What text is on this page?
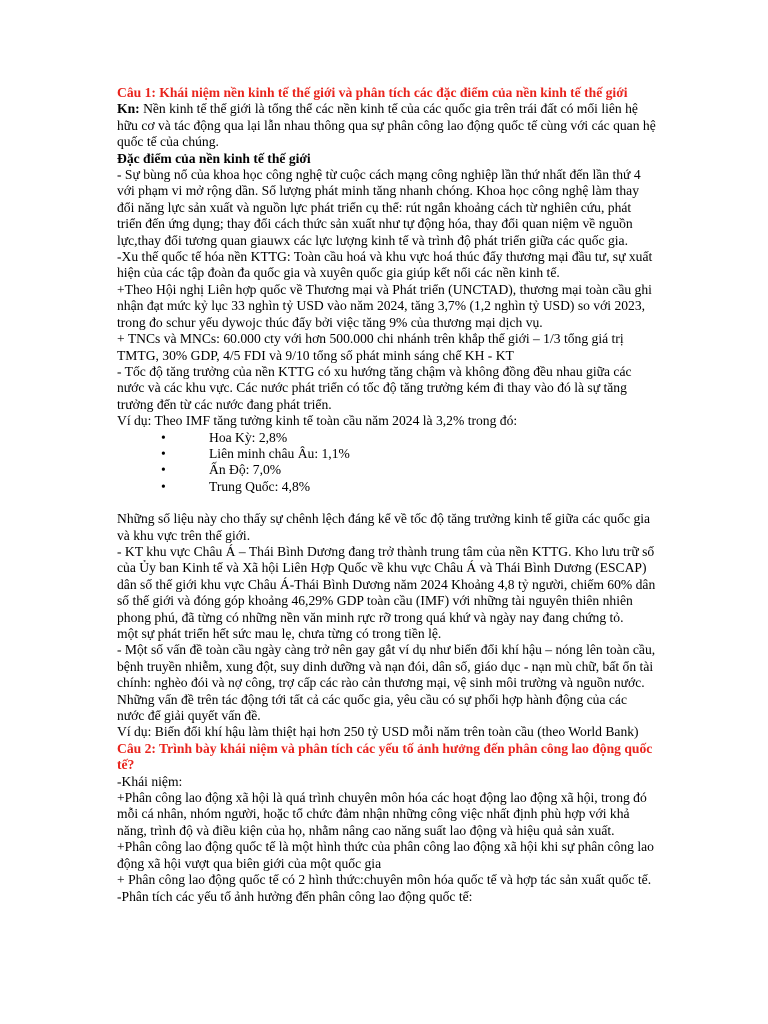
Câu 1: Khái niệm nền kinh tế thế giới và phân tích các đặc điểm của nền kinh tế thế giới

Kn: Nền kinh tế thế giới là tổng thể các nền kinh tế của các quốc gia trên trái đất có mối liên hệ hữu cơ và tác động qua lại lẫn nhau thông qua sự phân công lao động quốc tế cùng với các quan hệ quốc tế của chúng.

Đặc điểm của nền kinh tế thế giới

- Sự bùng nổ của khoa học công nghệ từ cuộc cách mạng công nghiệp lần thứ nhất đến lần thứ 4 với phạm vi mở rộng dần. Số lượng phát minh tăng nhanh chóng. Khoa học công nghệ làm thay đổi năng lực sản xuất và nguồn lực phát triển cụ thể: rút ngắn khoảng cách từ nghiên cứu, phát triển đến ứng dụng; thay đổi cách thức sản xuất như tự động hóa, thay đổi quan niệm về nguồn lực,thay đổi tương quan giauwx các lực lượng kinh tế và trình độ phát triển giữa các quốc gia.

-Xu thế quốc tế hóa nền KTTG: Toàn cầu hoá và khu vực hoá thúc đẩy thương mại đầu tư, sự xuất hiện của các tập đoàn đa quốc gia và xuyên quốc gia giúp kết nối các nền kinh tế.

+Theo Hội nghị Liên hợp quốc về Thương mại và Phát triển (UNCTAD), thương mại toàn cầu ghi nhận đạt mức kỷ lục 33 nghìn tỷ USD vào năm 2024, tăng 3,7% (1,2 nghìn tỷ USD) so với 2023, trong đo schur yếu dywojc thúc đẩy bởi việc tăng 9% của thương mại dịch vụ.

+ TNCs và MNCs: 60.000 cty với hơn 500.000 chi nhánh trên khắp thế giới – 1/3 tổng giá trị TMTG, 30% GDP, 4/5 FDI và 9/10 tổng số phát minh sáng chế KH - KT

- Tốc độ tăng trưởng của nền KTTG có xu hướng tăng chậm và không đồng đều nhau giữa các nước và các khu vực. Các nước phát triển có tốc độ tăng trưởng kém đi thay vào đó là sự tăng trưởng đến từ các nước đang phát triển.

Ví dụ: Theo IMF tăng tưởng kinh tế toàn cầu năm 2024 là 3,2% trong đó:

•	Hoa Kỳ: 2,8%
•	Liên minh châu Âu: 1,1%
•	Ấn Độ: 7,0%
•	Trung Quốc: 4,8%

Những số liệu này cho thấy sự chênh lệch đáng kể về tốc độ tăng trưởng kinh tế giữa các quốc gia và khu vực trên thế giới.

- KT khu vực Châu Á – Thái Bình Dương đang trở thành trung tâm của nền KTTG. Kho lưu trữ số của Ủy ban Kinh tế và Xã hội Liên Hợp Quốc về khu vực Châu Á và Thái Bình Dương (ESCAP) dân số thế giới khu vực Châu Á-Thái Bình Dương năm 2024 Khoảng 4,8 tỷ người, chiếm 60% dân số thế giới và đóng góp khoảng 46,29% GDP toàn cầu (IMF) với những tài nguyên thiên nhiên phong phú, đã từng có những nền văn minh rực rỡ trong quá khứ và ngày nay đang chứng tỏ.

một sự phát triển hết sức mau lẹ, chưa từng có trong tiền lệ.

- Một số vấn đề toàn cầu ngày càng trở nên gay gắt ví dụ như biến đổi khí hậu – nóng lên toàn cầu, bệnh truyền nhiễm, xung đột, suy dinh dưỡng và nạn đói, dân số, giáo dục - nạn mù chữ, bất ổn tài chính: nghèo đói và nợ công, trợ cấp các rào cản thương mại, vệ sinh môi trường và nguồn nước. Những vấn đề trên tác động tới tất cả các quốc gia, yêu cầu có sự phối hợp hành động của các nước để giải quyết vấn đề.

Ví dụ: Biến đổi khí hậu làm thiệt hại hơn 250 tỷ USD mỗi năm trên toàn cầu (theo World Bank)

Câu 2: Trình bày khái niệm và phân tích các yếu tố ảnh hưởng đến phân công lao động quốc tế?

-Khái niệm:

+Phân công lao động xã hội là quá trình chuyên môn hóa các hoạt động lao động xã hội, trong đó mỗi cá nhân, nhóm người, hoặc tổ chức đảm nhận những công việc nhất định phù hợp với khả năng, trình độ và điều kiện của họ, nhằm nâng cao năng suất lao động và hiệu quả sản xuất.

+Phân công lao động quốc tế là một hình thức của phân công lao động xã hội khi sự phân công lao động xã hội vượt qua biên giới của một quốc gia

+ Phân công lao động quốc tế có 2 hình thức:chuyên môn hóa quốc tế và hợp tác sản xuất quốc tế.

-Phân tích các yếu tố ảnh hưởng đến phân công lao động quốc tế:
